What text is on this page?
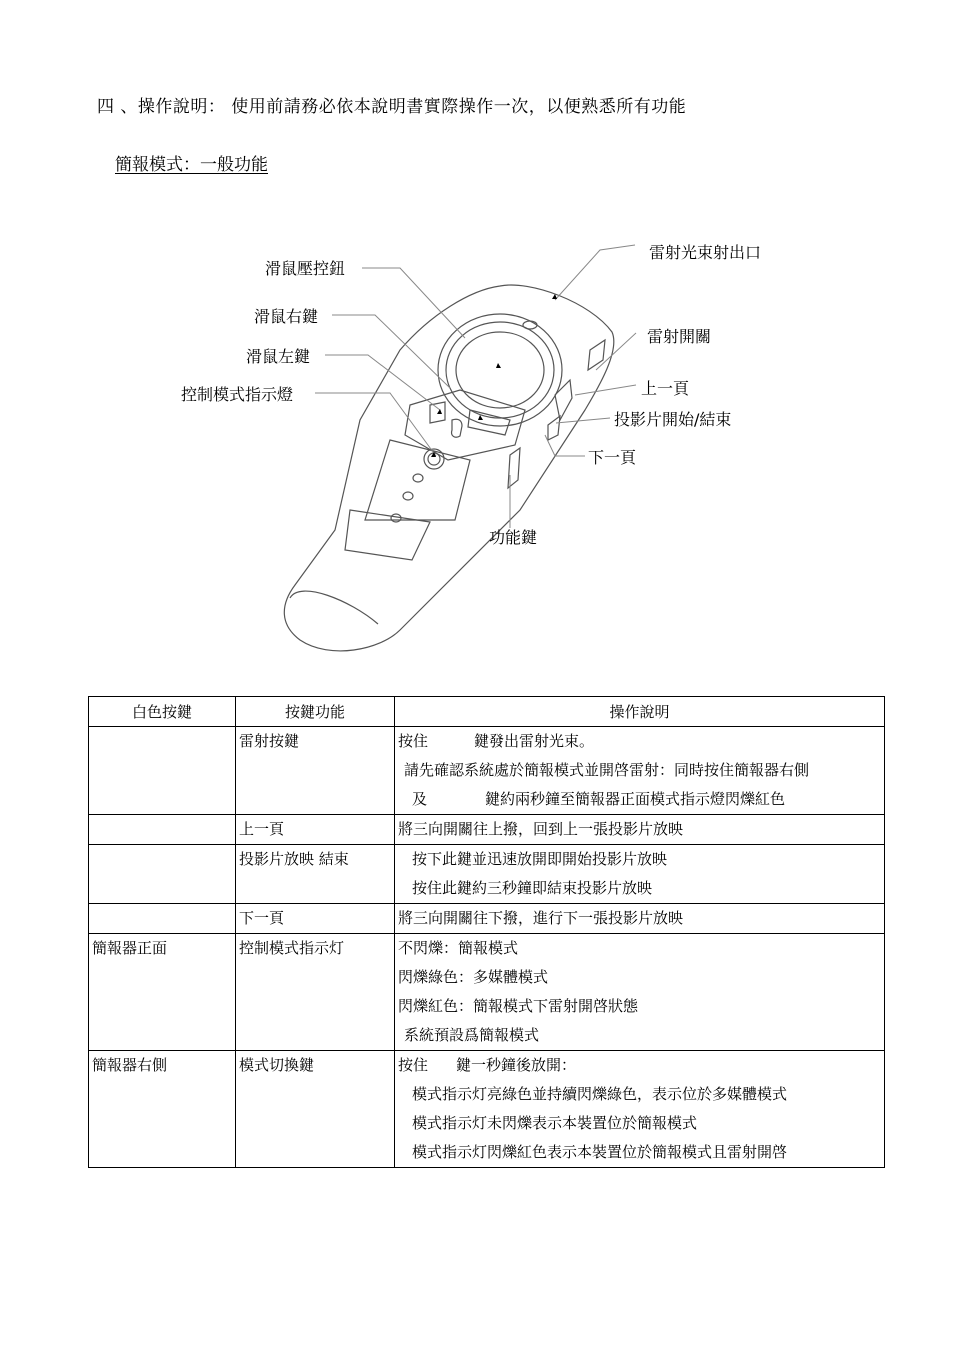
四 、操作說明： 使用前請務必依本說明書實際操作一次，以便熟悉所有功能
簡報模式：一般功能
滑鼠壓控鈕
滑鼠右鍵
滑鼠左鍵
控制模式指示燈
雷射光束射出口
雷射開關
上一頁
投影片開始/結束
下一頁
功能鍵
白色按鍵	按鍵功能	操作說明

	雷射按鍵	按住 鍵發出雷射光束。
請先確認系統處於簡報模式並開啓雷射：同時按住簡報器右側
及 鍵約兩秒鐘至簡報器正面模式指示燈閃爍紅色

	上一頁	將三向開關往上撥，回到上一張投影片放映

	投影片放映 結束	按下此鍵並迅速放開即開始投影片放映
按住此鍵約三秒鐘即結束投影片放映

	下一頁	將三向開關往下撥，進行下一張投影片放映

簡報器正面	控制模式指示灯	不閃爍：簡報模式
閃爍綠色：多媒體模式
閃爍紅色：簡報模式下雷射開啓狀態
系統預設爲簡報模式

簡報器右側	模式切換鍵	按住 鍵一秒鐘後放開：
模式指示灯亮綠色並持續閃爍綠色，表示位於多媒體模式
模式指示灯未閃爍表示本裝置位於簡報模式
模式指示灯閃爍紅色表示本裝置位於簡報模式且雷射開啓
